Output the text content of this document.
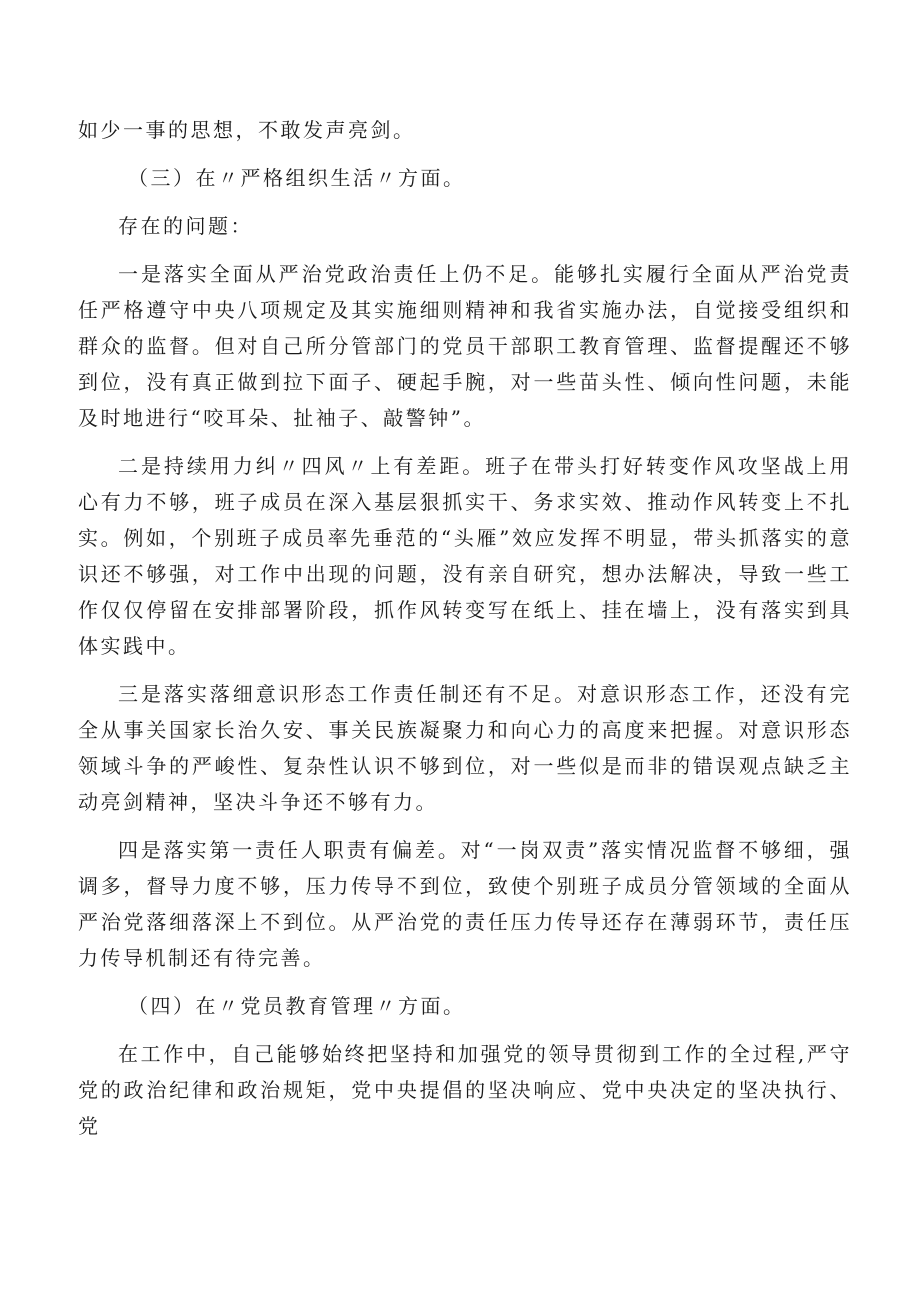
如少一事的思想，不敢发声亮剑。

（三）在〃严格组织生活〃方面。

存在的问题：

一是落实全面从严治党政治责任上仍不足。能够扎实履行全面从严治党责任严格遵守中央八项规定及其实施细则精神和我省实施办法，自觉接受组织和群众的监督。但对自己所分管部门的党员干部职工教育管理、监督提醒还不够到位，没有真正做到拉下面子、硬起手腕，对一些苗头性、倾向性问题，未能及时地进行“咬耳朵、扯袖子、敲警钟”。

二是持续用力纠〃四风〃上有差距。班子在带头打好转变作风攻坚战上用心有力不够，班子成员在深入基层狠抓实干、务求实效、推动作风转变上不扎实。例如，个别班子成员率先垂范的“头雁”效应发挥不明显，带头抓落实的意识还不够强，对工作中出现的问题，没有亲自研究，想办法解决，导致一些工作仅仅停留在安排部署阶段，抓作风转变写在纸上、挂在墙上，没有落实到具体实践中。

三是落实落细意识形态工作责任制还有不足。对意识形态工作，还没有完全从事关国家长治久安、事关民族凝聚力和向心力的高度来把握。对意识形态领域斗争的严峻性、复杂性认识不够到位，对一些似是而非的错误观点缺乏主动亮剑精神，坚决斗争还不够有力。

四是落实第一责任人职责有偏差。对“一岗双责”落实情况监督不够细，强调多，督导力度不够，压力传导不到位，致使个别班子成员分管领域的全面从严治党落细落深上不到位。从严治党的责任压力传导还存在薄弱环节，责任压力传导机制还有待完善。

（四）在〃党员教育管理〃方面。

在工作中，自己能够始终把坚持和加强党的领导贯彻到工作的全过程,严守党的政治纪律和政治规矩，党中央提倡的坚决响应、党中央决定的坚决执行、党
